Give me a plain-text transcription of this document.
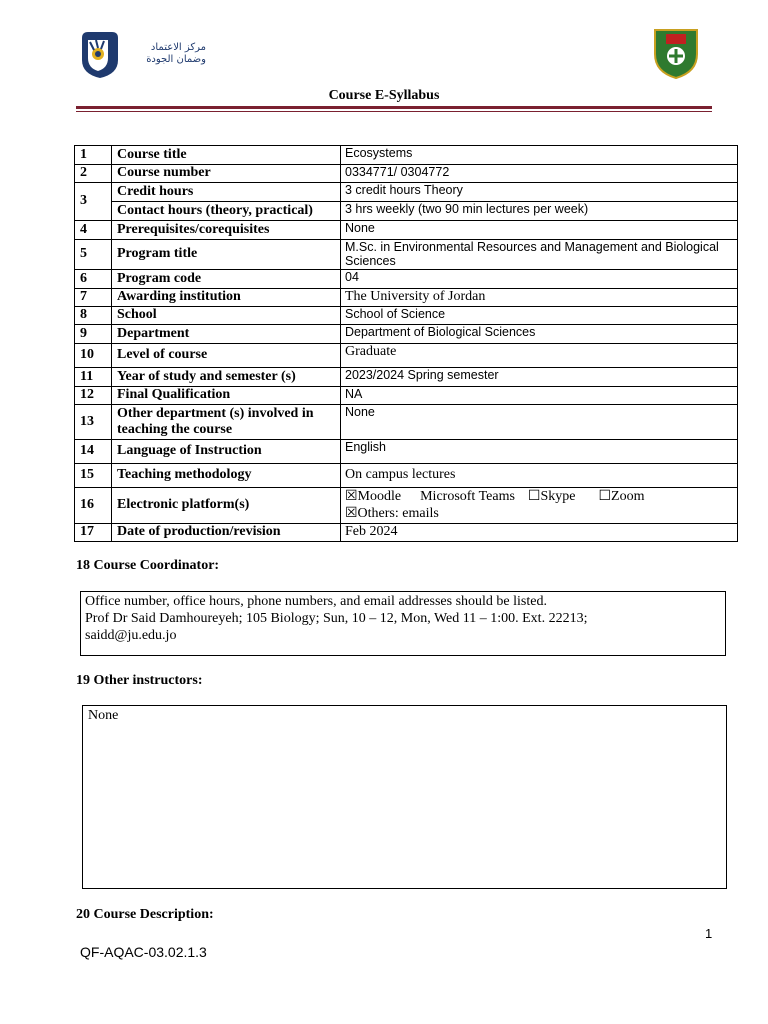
مركز الاعتماد وضمان الجودة
Course E-Syllabus
1	Course title	Ecosystems
2	Course number	0334771/ 0304772
3	Credit hours	3 credit hours Theory
	Contact hours (theory, practical)	3 hrs weekly (two 90 min lectures per week)
4	Prerequisites/corequisites	None
5	Program title	M.Sc. in Environmental Resources and Management and Biological Sciences
6	Program code	04
7	Awarding institution	The University of Jordan
8	School	School of Science
9	Department	Department of Biological Sciences
10	Level of course	Graduate
11	Year of study and semester (s)	2023/2024 Spring semester
12	Final Qualification	NA
13	Other department (s) involved in teaching the course	None
14	Language of Instruction	English
15	Teaching methodology	On campus lectures
16	Electronic platform(s)	☒Moodle Microsoft Teams ☐Skype ☐Zoom
☒Others: emails

17	Date of production/revision	Feb 2024
18 Course Coordinator:
Office number, office hours, phone numbers, and email addresses should be listed.
Prof Dr Said Damhoureyeh; 105 Biology; Sun, 10 – 12, Mon, Wed 11 – 1:00. Ext. 22213;
saidd@ju.edu.jo
19 Other instructors:
None
20 Course Description:
1
QF-AQAC-03.02.1.3
